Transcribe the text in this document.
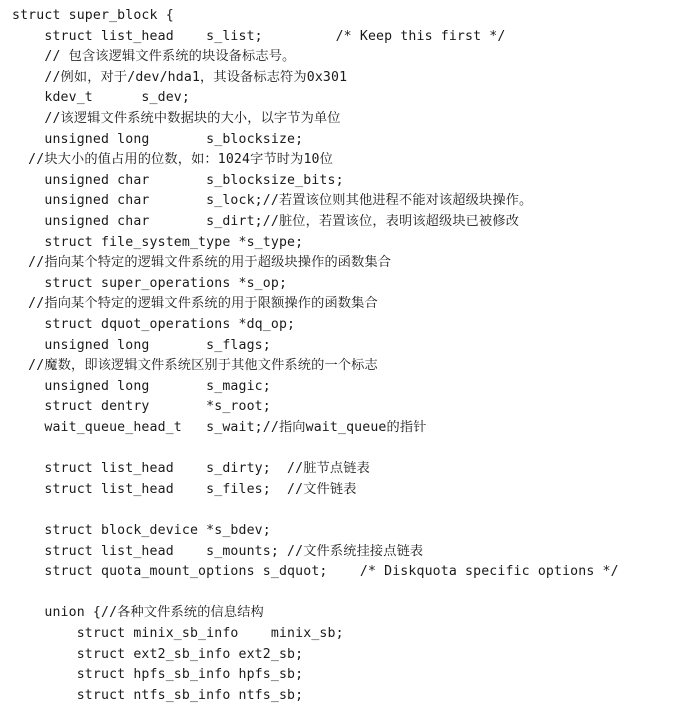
struct super_block {
struct list_head    s_list;         /* Keep this first */
// 包含该逻辑文件系统的块设备标志号。
//例如，对于/dev/hda1，其设备标志符为0x301
kdev_t      s_dev;
//该逻辑文件系统中数据块的大小，以字节为单位
unsigned long       s_blocksize;
//块大小的值占用的位数，如：1024字节时为10位
unsigned char       s_blocksize_bits;
unsigned char       s_lock;//若置该位则其他进程不能对该超级块操作。
unsigned char       s_dirt;//脏位，若置该位，表明该超级块已被修改
struct file_system_type *s_type;
//指向某个特定的逻辑文件系统的用于超级块操作的函数集合
struct super_operations *s_op;
//指向某个特定的逻辑文件系统的用于限额操作的函数集合
struct dquot_operations *dq_op;
unsigned long       s_flags;
//魔数，即该逻辑文件系统区别于其他文件系统的一个标志
unsigned long       s_magic;
struct dentry       *s_root;
wait_queue_head_t   s_wait;//指向wait_queue的指针
struct list_head    s_dirty;  //脏节点链表
struct list_head    s_files;  //文件链表
struct block_device *s_bdev;
struct list_head    s_mounts; //文件系统挂接点链表
struct quota_mount_options s_dquot;    /* Diskquota specific options */
union {//各种文件系统的信息结构
struct minix_sb_info    minix_sb;
struct ext2_sb_info ext2_sb;
struct hpfs_sb_info hpfs_sb;
struct ntfs_sb_info ntfs_sb;
